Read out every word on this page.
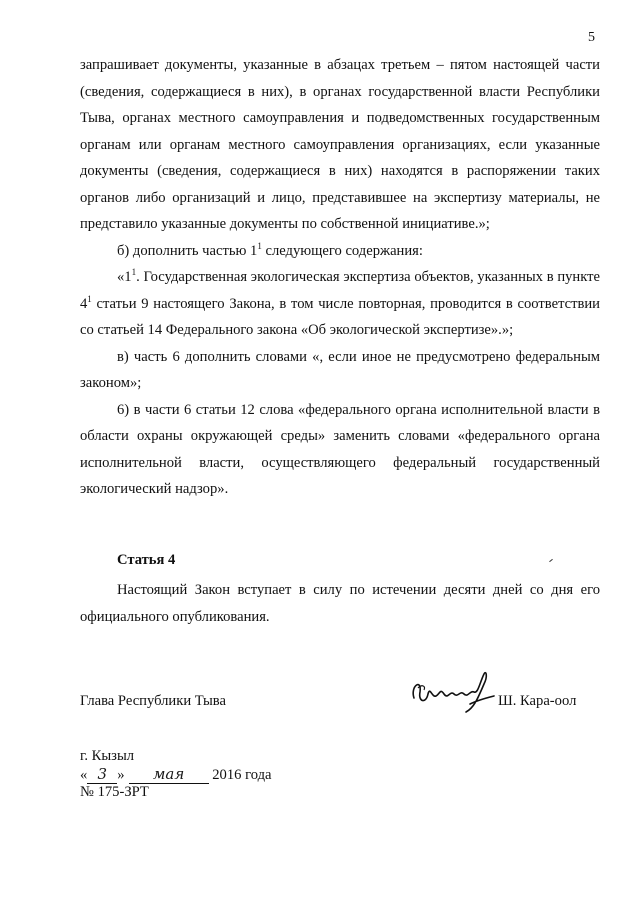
5

запрашивает документы, указанные в абзацах третьем – пятом настоящей части (сведения, содержащиеся в них), в органах государственной власти Республики Тыва, органах местного самоуправления и подведомственных государственным органам или органам местного самоуправления организациях, если указанные документы (сведения, содержащиеся в них) находятся в распоряжении таких органов либо организаций и лицо, представившее на экспертизу материалы, не представило указанные документы по собственной инициативе.»;

б) дополнить частью $1^1$ следующего содержания:

«$1^1$. Государственная экологическая экспертиза объектов, указанных в пункте $4^1$ статьи 9 настоящего Закона, в том числе повторная, проводится в соответствии со статьей 14 Федерального закона «Об экологической экспертизе».»;

в) часть 6 дополнить словами «, если иное не предусмотрено федеральным законом»;

6) в части 6 статьи 12 слова «федерального органа исполнительной власти в области охраны окружающей среды» заменить словами «федерального органа исполнительной власти, осуществляющего федеральный государственный экологический надзор».

Статья 4

Настоящий Закон вступает в силу по истечении десяти дней со дня его официального опубликования.

Глава Республики Тыва	Ш. Кара-оол
г. Кызыл
« 3 » мая 2016 года
№ 175-ЗРТ
